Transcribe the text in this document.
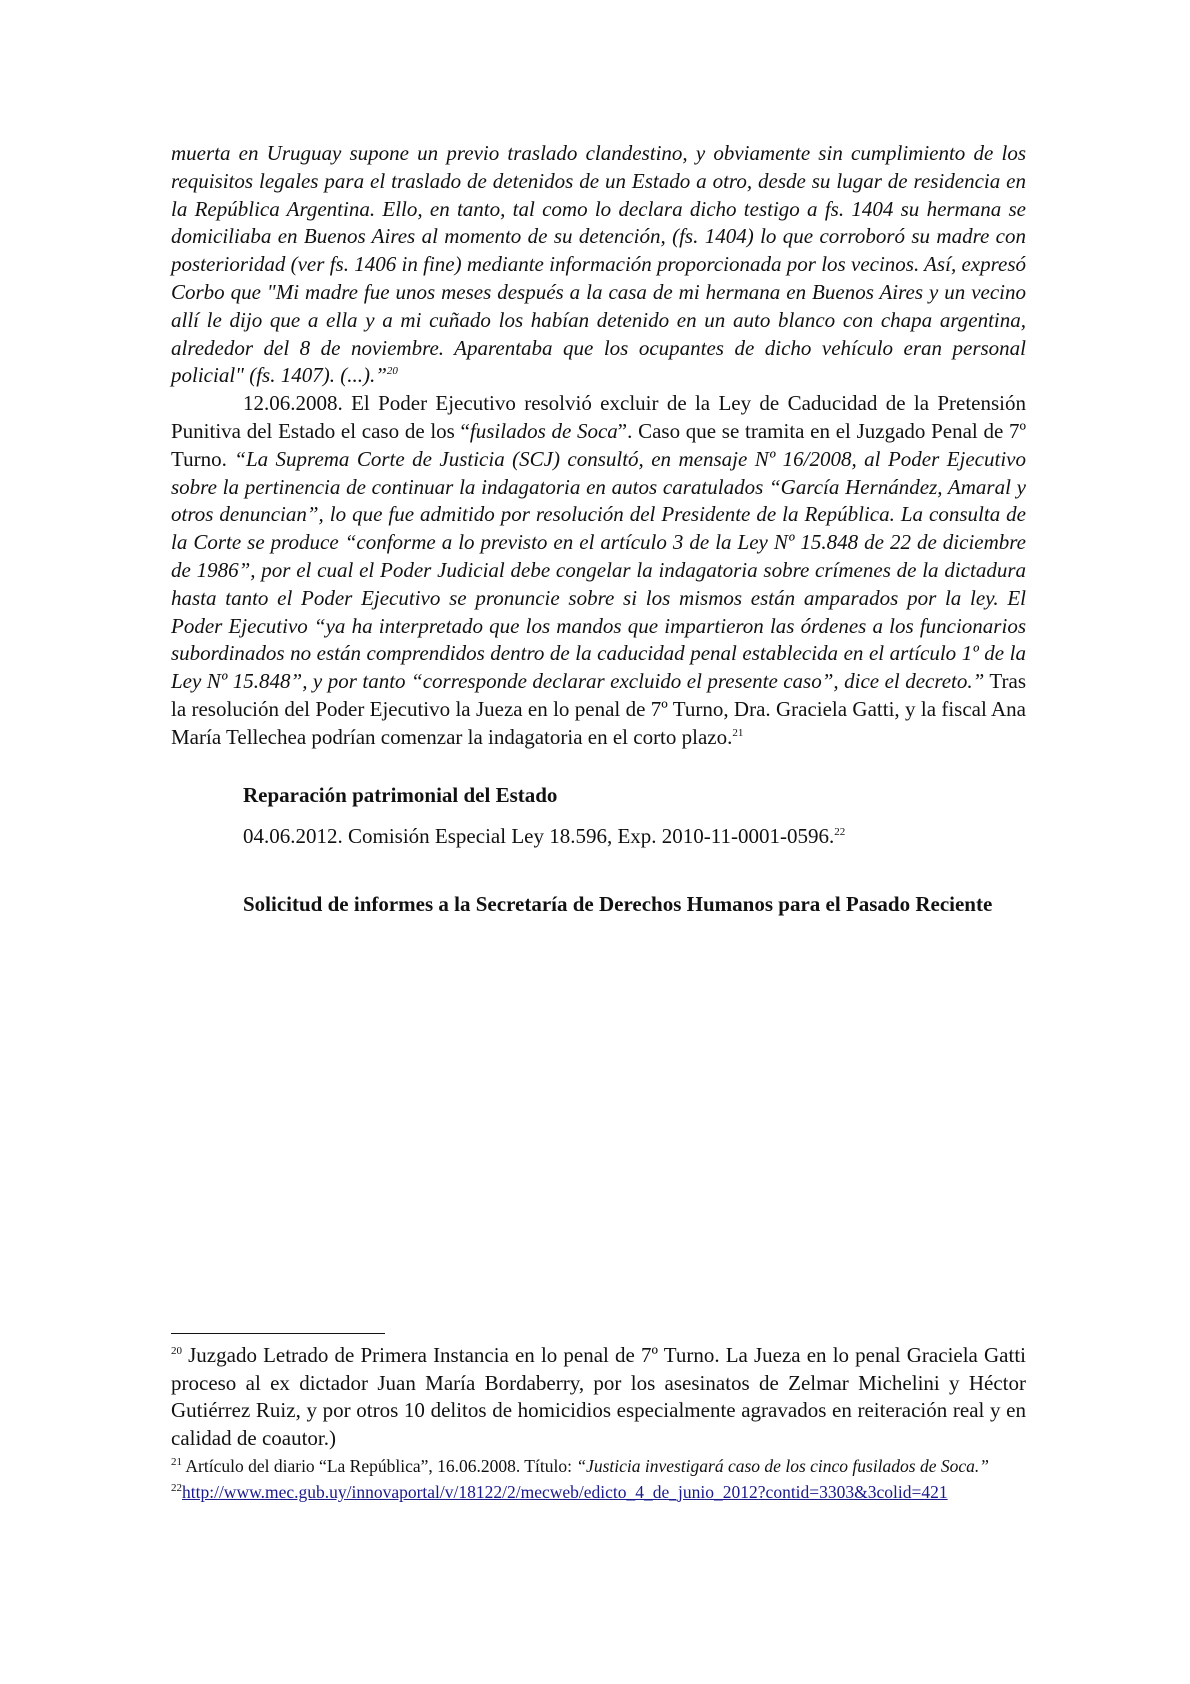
muerta en Uruguay supone un previo traslado clandestino, y obviamente sin cumplimiento de los requisitos legales para el traslado de detenidos de un Estado a otro, desde su lugar de residencia en la República Argentina. Ello, en tanto, tal como lo declara dicho testigo a fs. 1404 su hermana se domiciliaba en Buenos Aires al momento de su detención, (fs. 1404) lo que corroboró su madre con posterioridad (ver fs. 1406 in fine) mediante información proporcionada por los vecinos. Así, expresó Corbo que "Mi madre fue unos meses después a la casa de mi hermana en Buenos Aires y un vecino allí le dijo que a ella y a mi cuñado los habían detenido en un auto blanco con chapa argentina, alrededor del 8 de noviembre. Aparentaba que los ocupantes de dicho vehículo eran personal policial" (fs. 1407). (...).”$^{20}$

12.06.2008. El Poder Ejecutivo resolvió excluir de la Ley de Caducidad de la Pretensión Punitiva del Estado el caso de los “fusilados de Soca”. Caso que se tramita en el Juzgado Penal de 7º Turno. “La Suprema Corte de Justicia (SCJ) consultó, en mensaje Nº 16/2008, al Poder Ejecutivo sobre la pertinencia de continuar la indagatoria en autos caratulados “García Hernández, Amaral y otros denuncian”, lo que fue admitido por resolución del Presidente de la República. La consulta de la Corte se produce “conforme a lo previsto en el artículo 3 de la Ley Nº 15.848 de 22 de diciembre de 1986”, por el cual el Poder Judicial debe congelar la indagatoria sobre crímenes de la dictadura hasta tanto el Poder Ejecutivo se pronuncie sobre si los mismos están amparados por la ley. El Poder Ejecutivo “ya ha interpretado que los mandos que impartieron las órdenes a los funcionarios subordinados no están comprendidos dentro de la caducidad penal establecida en el artículo 1º de la Ley Nº 15.848”, y por tanto “corresponde declarar excluido el presente caso”, dice el decreto.” Tras la resolución del Poder Ejecutivo la Jueza en lo penal de 7º Turno, Dra. Graciela Gatti, y la fiscal Ana María Tellechea podrían comenzar la indagatoria en el corto plazo.$^{21}$

Reparación patrimonial del Estado

04.06.2012. Comisión Especial Ley 18.596, Exp. 2010-11-0001-0596.22

Solicitud de informes a la Secretaría de Derechos Humanos para el Pasado Reciente

$^{20}$ Juzgado Letrado de Primera Instancia en lo penal de 7º Turno. La Jueza en lo penal Graciela Gatti proceso al ex dictador Juan María Bordaberry, por los asesinatos de Zelmar Michelini y Héctor Gutiérrez Ruiz, y por otros 10 delitos de homicidios especialmente agravados en reiteración real y en calidad de coautor.)

$^{21}$ Artículo del diario “La República”, 16.06.2008. Título: “Justicia investigará caso de los cinco fusilados de Soca.”

$^{22}$http://www.mec.gub.uy/innovaportal/v/18122/2/mecweb/edicto_4_de_junio_2012?contid=3303&3colid=421
